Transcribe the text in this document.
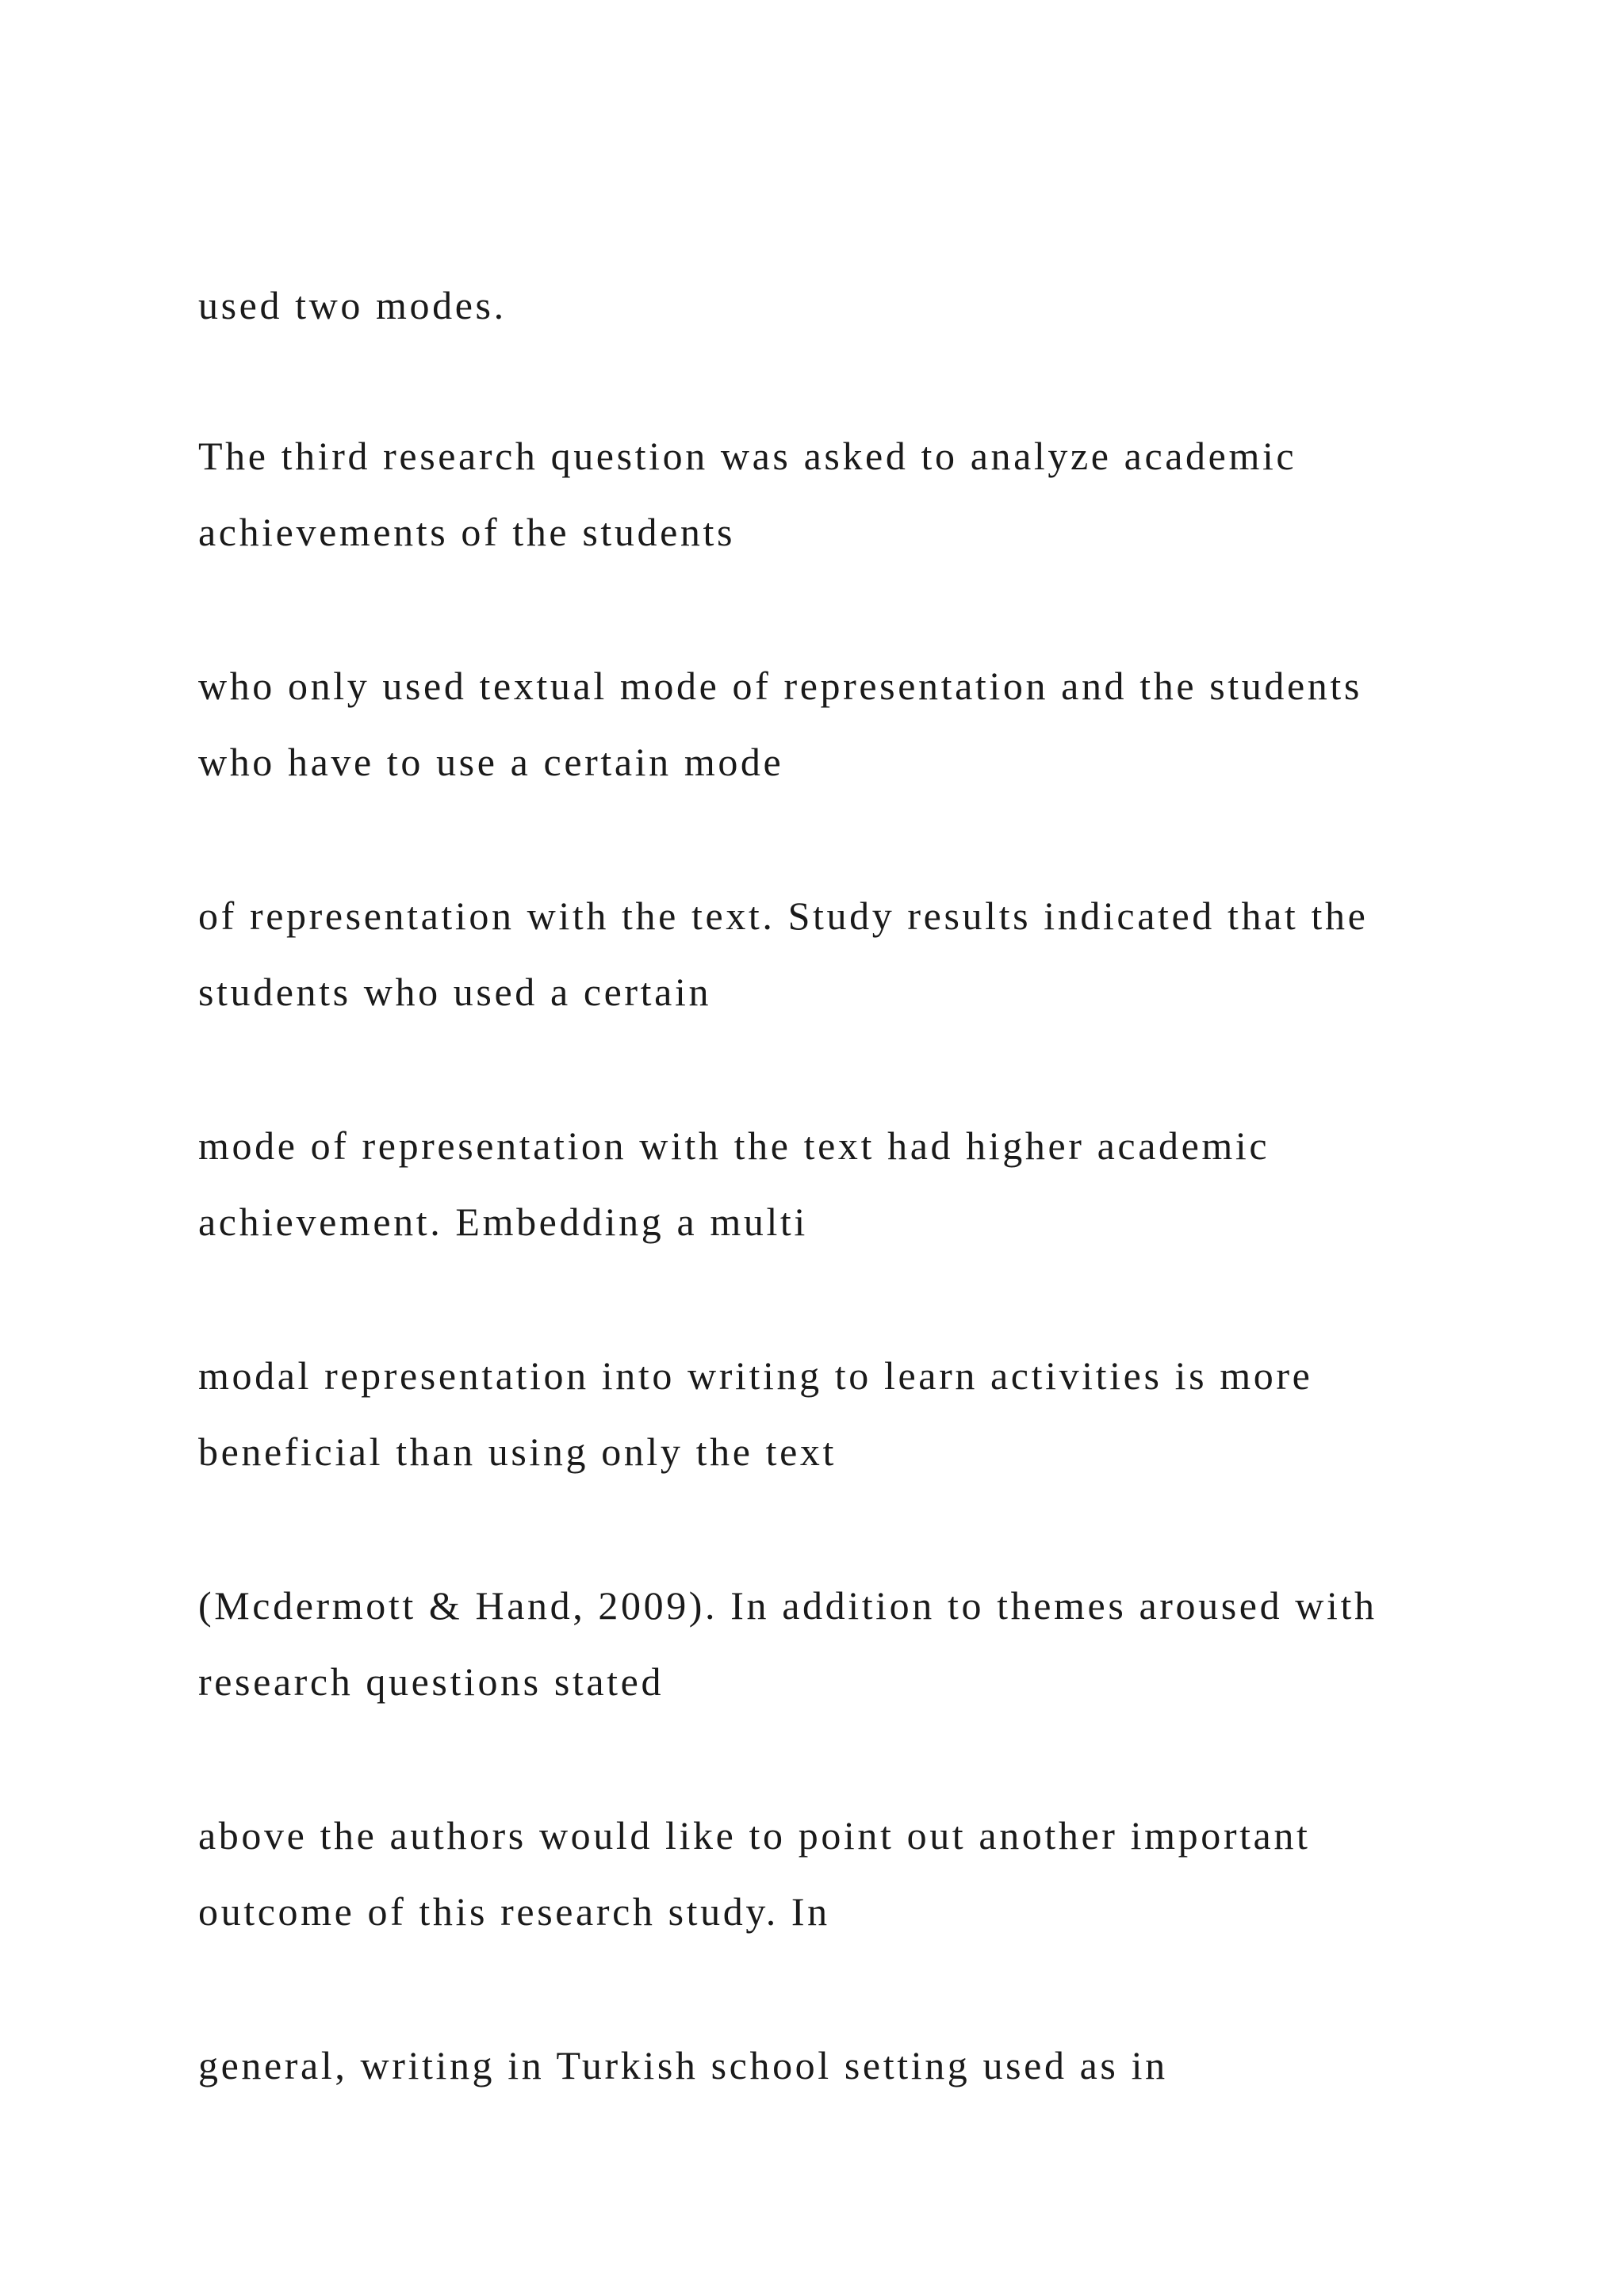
used two modes.

The third research question was asked to analyze academic

achievements of the students

who only used textual mode of representation and the students

who have to use a certain mode

of representation with the text. Study results indicated that the

students who used a certain

mode of representation with the text had higher academic

achievement. Embedding a multi

modal representation into writing to learn activities is more

beneficial than using only the text

(Mcdermott & Hand, 2009). In addition to themes aroused with

research questions stated

above the authors would like to point out another important

outcome of this research study. In

general, writing in Turkish school setting used as in
